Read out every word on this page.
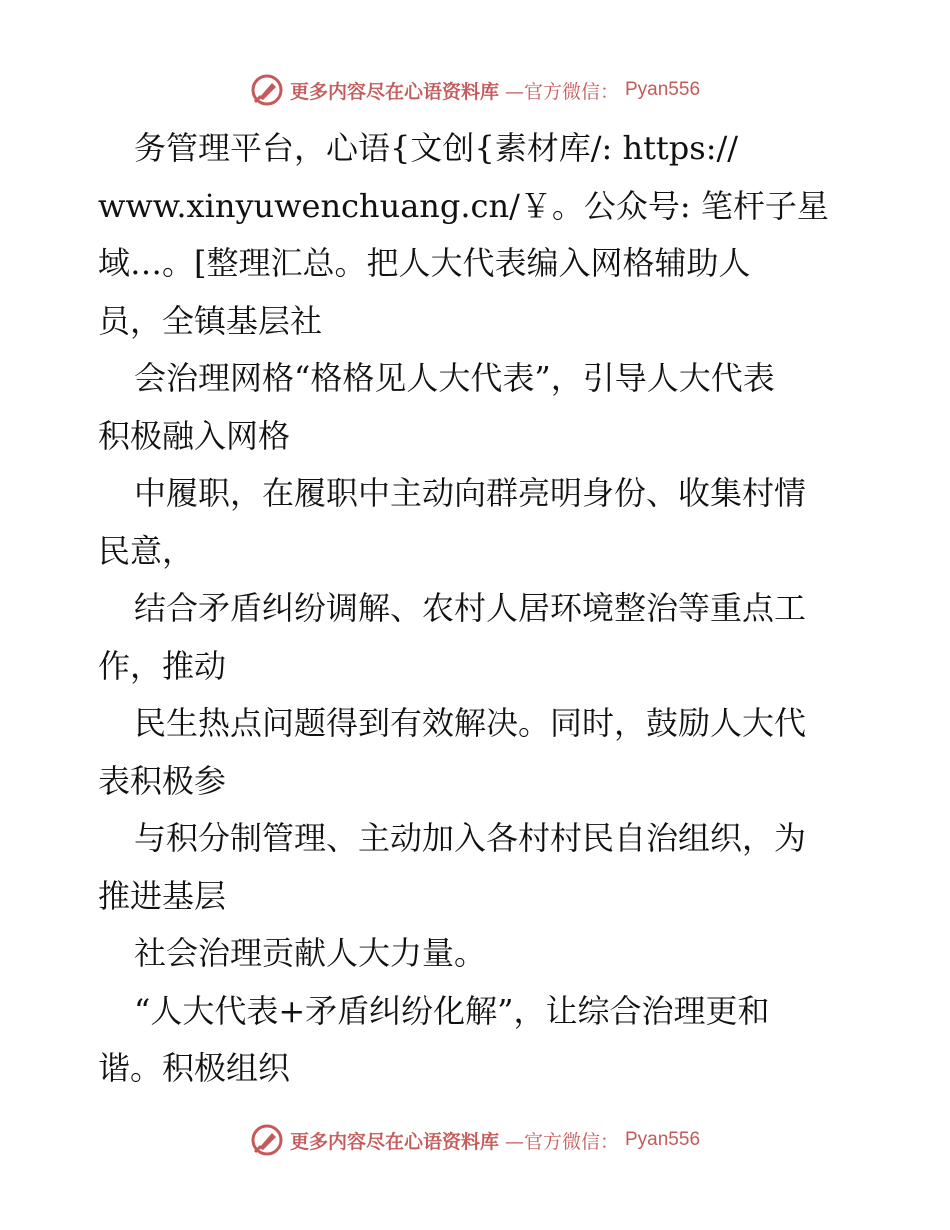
更多内容尽在心语资料库 —官方微信： Pyan556
务管理平台，心语{文创{素材库/: https://
www.xinyuwenchuang.cn/￥。公众号: 笔杆子星
域…。[整理汇总。把人大代表编入网格辅助人
员，全镇基层社
会治理网格“格格见人大代表”，引导人大代表
积极融入网格
中履职，在履职中主动向群亮明身份、收集村情
民意，
结合矛盾纠纷调解、农村人居环境整治等重点工
作，推动
民生热点问题得到有效解决。同时，鼓励人大代
表积极参
与积分制管理、主动加入各村村民自治组织，为
推进基层
社会治理贡献人大力量。
“人大代表+矛盾纠纷化解”，让综合治理更和
谐。积极组织
更多内容尽在心语资料库 —官方微信： Pyan556
